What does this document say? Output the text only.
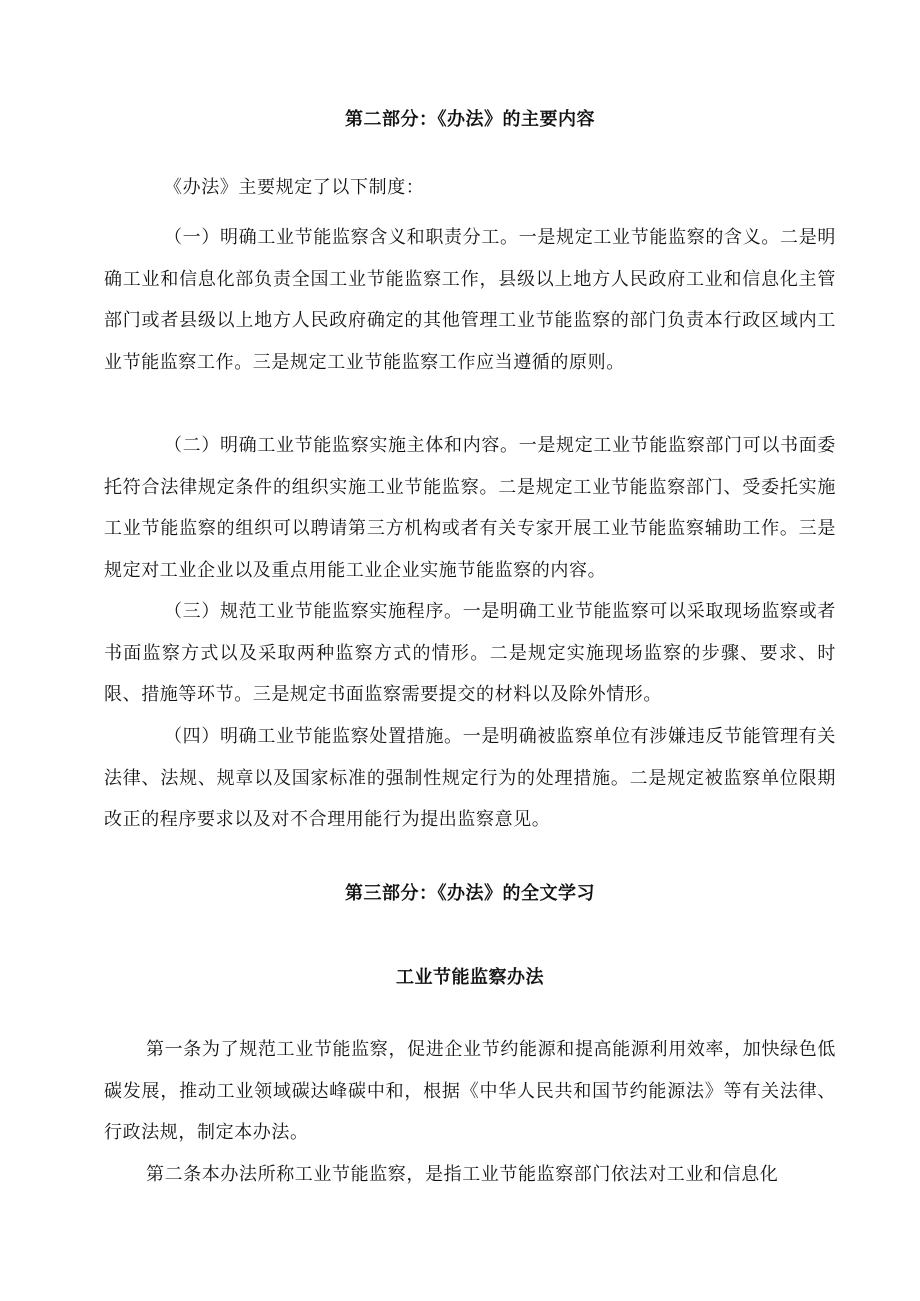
第二部分：《办法》的主要内容

《办法》主要规定了以下制度：

（一）明确工业节能监察含义和职责分工。一是规定工业节能监察的含义。二是明确工业和信息化部负责全国工业节能监察工作，县级以上地方人民政府工业和信息化主管部门或者县级以上地方人民政府确定的其他管理工业节能监察的部门负责本行政区域内工业节能监察工作。三是规定工业节能监察工作应当遵循的原则。

（二）明确工业节能监察实施主体和内容。一是规定工业节能监察部门可以书面委托符合法律规定条件的组织实施工业节能监察。二是规定工业节能监察部门、受委托实施工业节能监察的组织可以聘请第三方机构或者有关专家开展工业节能监察辅助工作。三是规定对工业企业以及重点用能工业企业实施节能监察的内容。

（三）规范工业节能监察实施程序。一是明确工业节能监察可以采取现场监察或者书面监察方式以及采取两种监察方式的情形。二是规定实施现场监察的步骤、要求、时限、措施等环节。三是规定书面监察需要提交的材料以及除外情形。

（四）明确工业节能监察处置措施。一是明确被监察单位有涉嫌违反节能管理有关法律、法规、规章以及国家标准的强制性规定行为的处理措施。二是规定被监察单位限期改正的程序要求以及对不合理用能行为提出监察意见。

第三部分：《办法》的全文学习
工业节能监察办法

第一条为了规范工业节能监察，促进企业节约能源和提高能源利用效率，加快绿色低碳发展，推动工业领域碳达峰碳中和，根据《中华人民共和国节约能源法》等有关法律、行政法规，制定本办法。

第二条本办法所称工业节能监察，是指工业节能监察部门依法对工业和信息化
